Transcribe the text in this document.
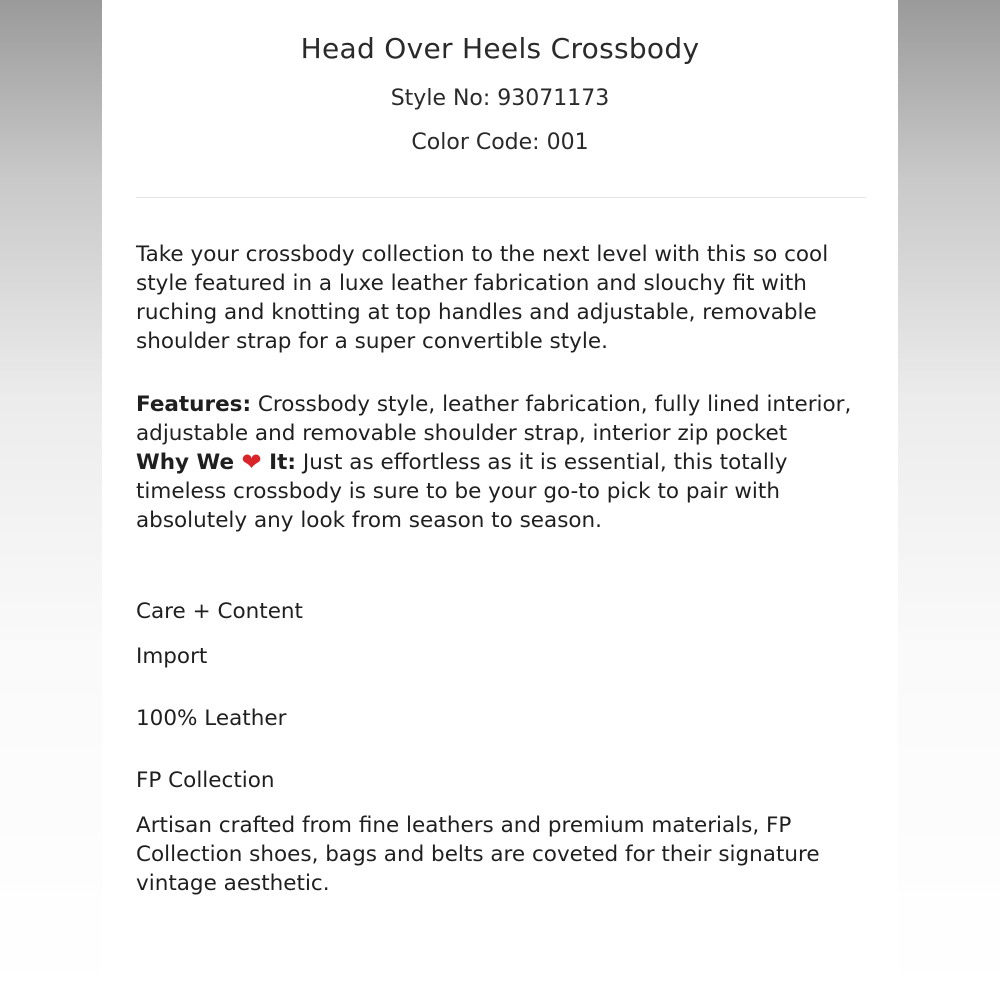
Head Over Heels Crossbody
Style No: 93071173
Color Code: 001
Take your crossbody collection to the next level with this so cool style featured in a luxe leather fabrication and slouchy fit with ruching and knotting at top handles and adjustable, removable shoulder strap for a super convertible style.
Features: Crossbody style, leather fabrication, fully lined interior, adjustable and removable shoulder strap, interior zip pocket
Why We ❤ It: Just as effortless as it is essential, this totally timeless crossbody is sure to be your go-to pick to pair with absolutely any look from season to season.
Care + Content
Import
100% Leather
FP Collection
Artisan crafted from fine leathers and premium materials, FP Collection shoes, bags and belts are coveted for their signature vintage aesthetic.
